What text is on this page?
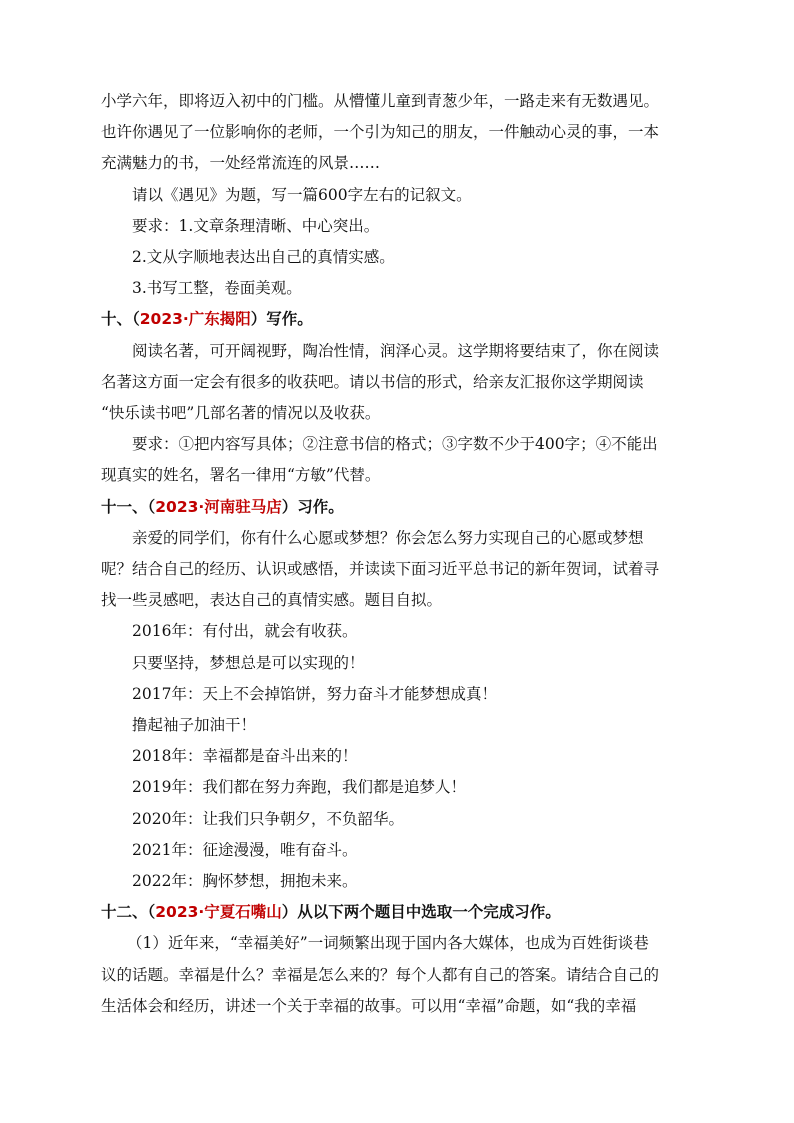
小学六年，即将迈入初中的门槛。从懵懂儿童到青葱少年，一路走来有无数遇见。

也许你遇见了一位影响你的老师，一个引为知己的朋友，一件触动心灵的事，一本

充满魅力的书，一处经常流连的风景……

请以《遇见》为题，写一篇600字左右的记叙文。

要求：1.文章条理清晰、中心突出。

2.文从字顺地表达出自己的真情实感。

3.书写工整，卷面美观。

十、（2023·广东揭阳）写作。

阅读名著，可开阔视野，陶冶性情，润泽心灵。这学期将要结束了，你在阅读

名著这方面一定会有很多的收获吧。请以书信的形式，给亲友汇报你这学期阅读

“快乐读书吧”几部名著的情况以及收获。

要求：①把内容写具体；②注意书信的格式；③字数不少于400字；④不能出

现真实的姓名，署名一律用“方敏”代替。

十一、（2023·河南驻马店）习作。

亲爱的同学们，你有什么心愿或梦想？你会怎么努力实现自己的心愿或梦想

呢？结合自己的经历、认识或感悟，并读读下面习近平总书记的新年贺词，试着寻

找一些灵感吧，表达自己的真情实感。题目自拟。

2016年：有付出，就会有收获。

只要坚持，梦想总是可以实现的！

2017年：天上不会掉馅饼，努力奋斗才能梦想成真！

撸起袖子加油干！

2018年：幸福都是奋斗出来的！

2019年：我们都在努力奔跑，我们都是追梦人！

2020年：让我们只争朝夕，不负韶华。

2021年：征途漫漫，唯有奋斗。

2022年：胸怀梦想，拥抱未来。

十二、（2023·宁夏石嘴山）从以下两个题目中选取一个完成习作。

（1）近年来，“幸福美好”一词频繁出现于国内各大媒体，也成为百姓街谈巷

议的话题。幸福是什么？幸福是怎么来的？每个人都有自己的答案。请结合自己的

生活体会和经历，讲述一个关于幸福的故事。可以用“幸福”命题，如“我的幸福
